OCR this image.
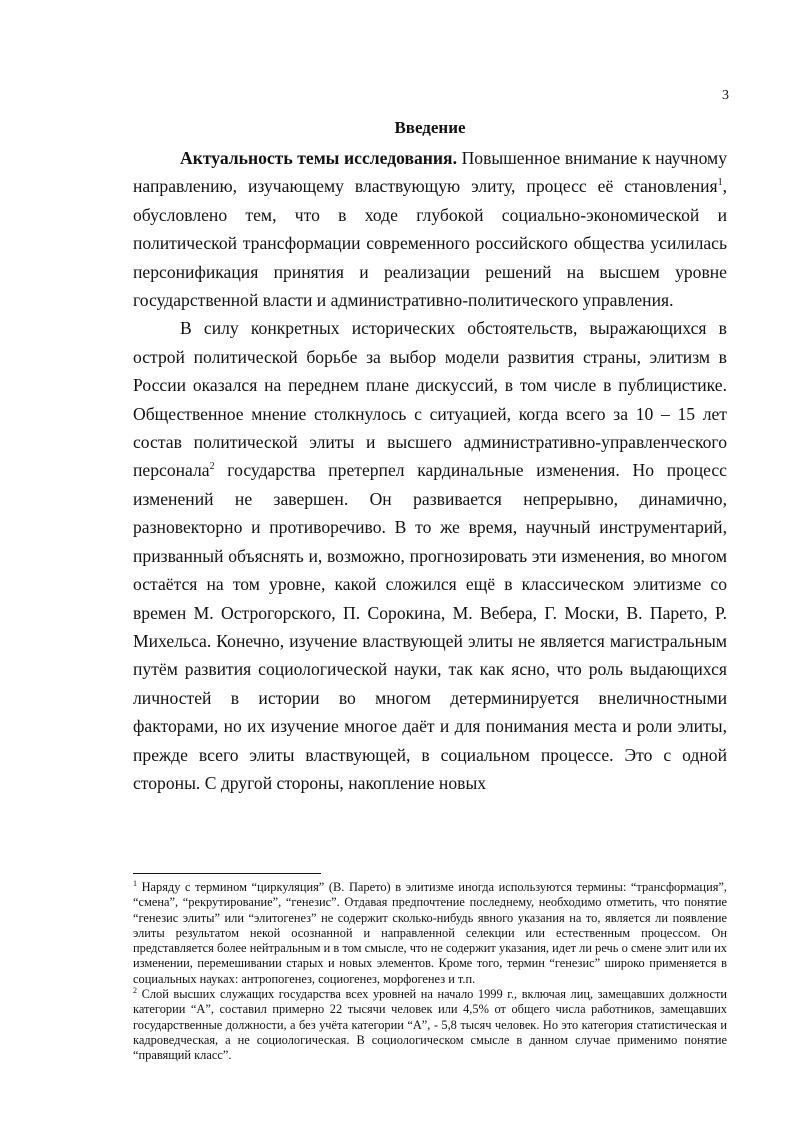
3
Введение

Актуальность темы исследования. Повышенное внимание к научному направлению, изучающему властвующую элиту, процесс её становления$^1$, обусловлено тем, что в ходе глубокой социально-экономической и политической трансформации современного российского общества усилилась персонификация принятия и реализации решений на высшем уровне государственной власти и административно-политического управления.

В силу конкретных исторических обстоятельств, выражающихся в острой политической борьбе за выбор модели развития страны, элитизм в России оказался на переднем плане дискуссий, в том числе в публицистике. Общественное мнение столкнулось с ситуацией, когда всего за 10 – 15 лет состав политической элиты и высшего административно-управленческого персонала$^2$ государства претерпел кардинальные изменения. Но процесс изменений не завершен. Он развивается непрерывно, динамично, разновекторно и противоречиво. В то же время, научный инструментарий, призванный объяснять и, возможно, прогнозировать эти изменения, во многом остаётся на том уровне, какой сложился ещё в классическом элитизме со времен М. Острогорского, П. Сорокина, М. Вебера, Г. Моски, В. Парето, Р. Михельса. Конечно, изучение властвующей элиты не является магистральным путём развития социологической науки, так как ясно, что роль выдающихся личностей в истории во многом детерминируется внеличностными факторами, но их изучение многое даёт и для понимания места и роли элиты, прежде всего элиты властвующей, в социальном процессе. Это с одной стороны. С другой стороны, накопление новых

$^1$ Наряду с термином “циркуляция” (В. Парето) в элитизме иногда используются термины: “трансформация”, “смена”, “рекрутирование”, “генезис”. Отдавая предпочтение последнему, необходимо отметить, что понятие “генезис элиты” или “элитогенез” не содержит сколько-нибудь явного указания на то, является ли появление элиты результатом некой осознанной и направленной селекции или естественным процессом. Он представляется более нейтральным и в том смысле, что не содержит указания, идет ли речь о смене элит или их изменении, перемешивании старых и новых элементов. Кроме того, термин “генезис” широко применяется в социальных науках: антропогенез, социогенез, морфогенез и т.п.

$^2$ Слой высших служащих государства всех уровней на начало 1999 г., включая лиц, замещавших должности категории “А”, составил примерно 22 тысячи человек или 4,5% от общего числа работников, замещавших государственные должности, а без учёта категории “А”, - 5,8 тысяч человек. Но это категория статистическая и кадроведческая, а не социологическая. В социологическом смысле в данном случае применимо понятие “правящий класс”.
